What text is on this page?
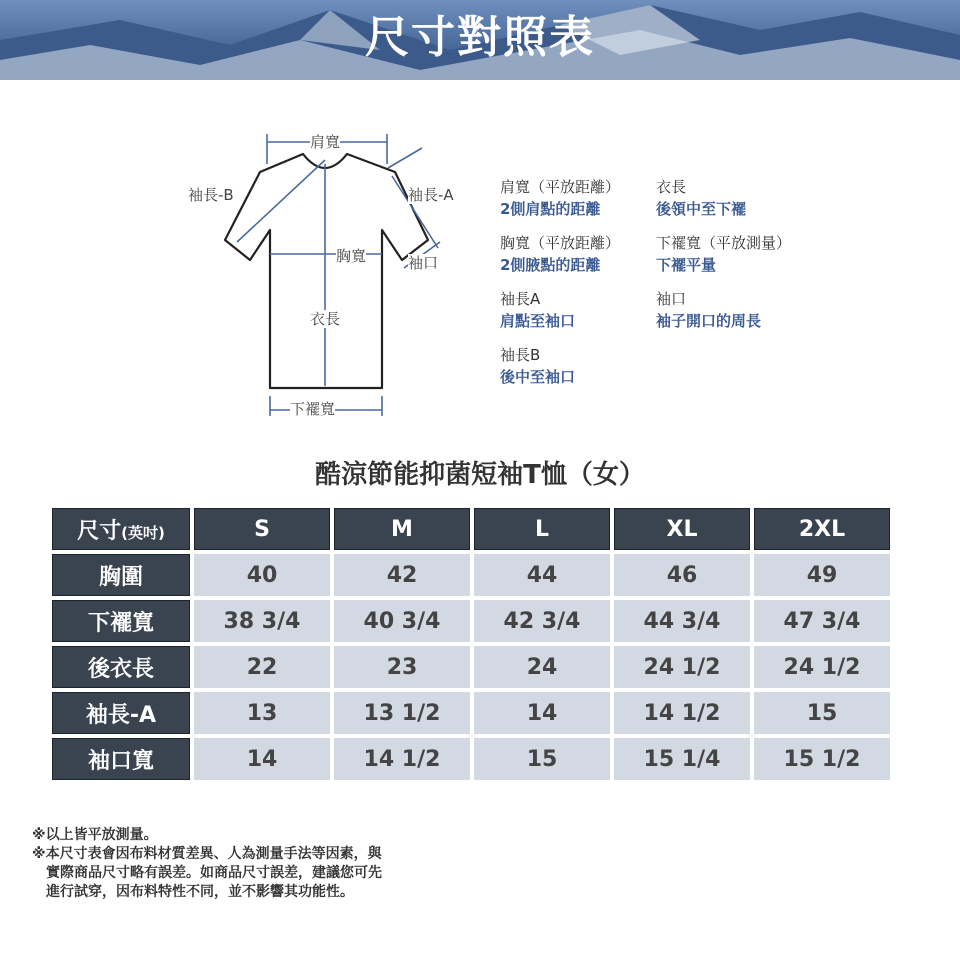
尺寸對照表
肩寬
袖長-B	袖長-A
胸寬	袖口
衣長
下襬寬
肩寬（平放距離）
2側肩點的距離
衣長
後領中至下襬
胸寬（平放距離）
2側腋點的距離
下襬寬（平放測量）
下襬平量
袖長A
肩點至袖口
袖口
袖子開口的周長
袖長B
後中至袖口
酷涼節能抑菌短袖T恤（女）
尺寸(英吋)	S	M	L	XL	2XL
胸圍	40	42	44	46	49
下襬寬	38 3/4	40 3/4	42 3/4	44 3/4	47 3/4
後衣長	22	23	24	24 1/2	24 1/2
袖長-A	13	13 1/2	14	14 1/2	15
袖口寬	14	14 1/2	15	15 1/4	15 1/2
※以上皆平放測量。
※本尺寸表會因布料材質差異、人為測量手法等因素，與
實際商品尺寸略有誤差。如商品尺寸誤差，建議您可先
進行試穿，因布料特性不同，並不影響其功能性。
